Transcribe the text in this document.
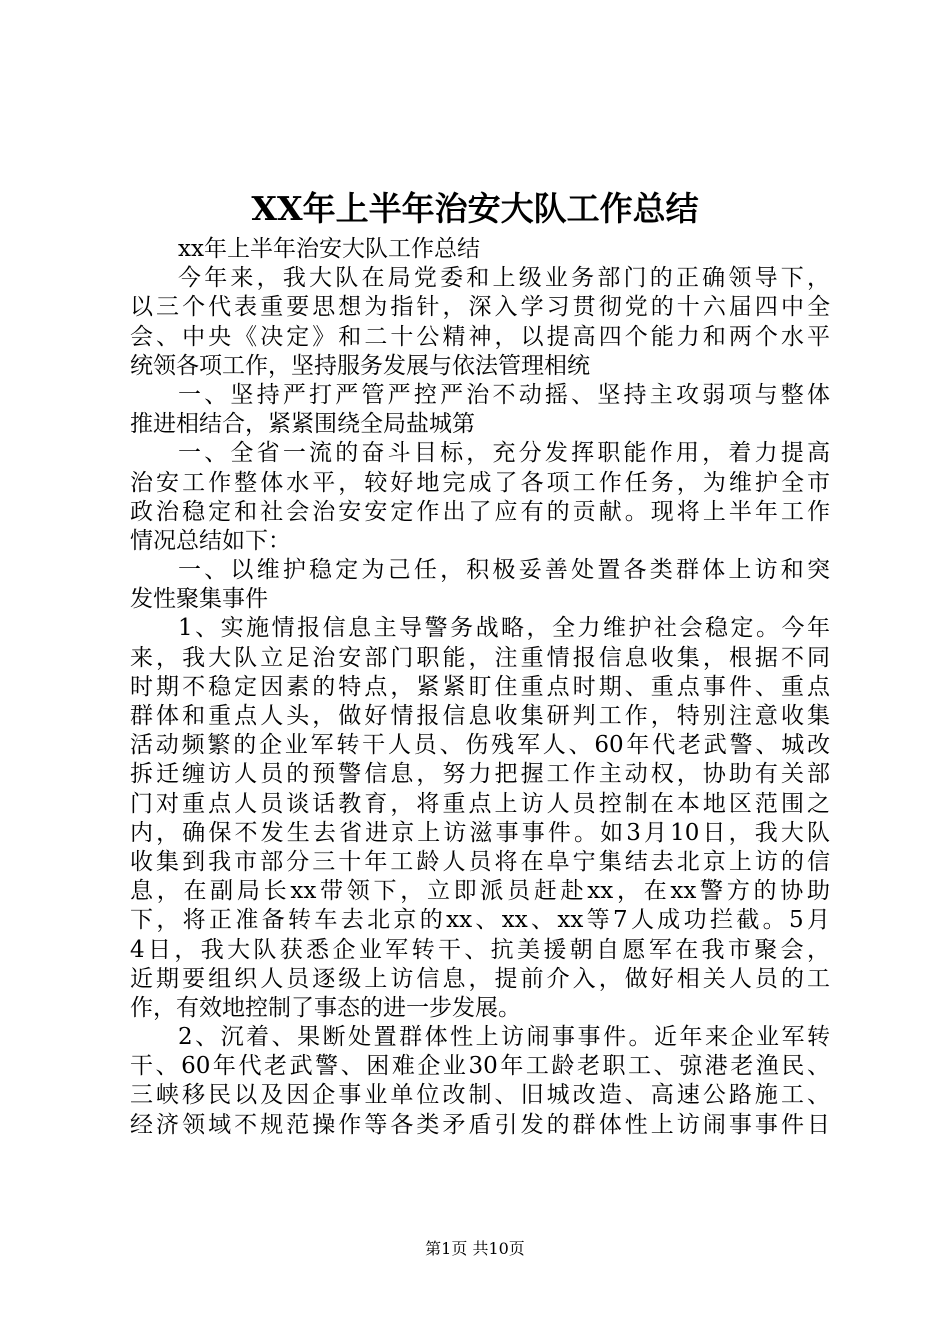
XX年上半年治安大队工作总结
xx年上半年治安大队工作总结
今年来，我大队在局党委和上级业务部门的正确领导下，
以三个代表重要思想为指针，深入学习贯彻党的十六届四中全
会、中央《决定》和二十公精神，以提高四个能力和两个水平
统领各项工作，坚持服务发展与依法管理相统
一、坚持严打严管严控严治不动摇、坚持主攻弱项与整体
推进相结合，紧紧围绕全局盐城第
一、全省一流的奋斗目标，充分发挥职能作用，着力提高
治安工作整体水平，较好地完成了各项工作任务，为维护全市
政治稳定和社会治安安定作出了应有的贡献。现将上半年工作
情况总结如下：
一、以维护稳定为己任，积极妥善处置各类群体上访和突
发性聚集事件
1、实施情报信息主导警务战略，全力维护社会稳定。今年
来，我大队立足治安部门职能，注重情报信息收集，根据不同
时期不稳定因素的特点，紧紧盯住重点时期、重点事件、重点
群体和重点人头，做好情报信息收集研判工作，特别注意收集
活动频繁的企业军转干人员、伤残军人、60年代老武警、城改
拆迁缠访人员的预警信息，努力把握工作主动权，协助有关部
门对重点人员谈话教育，将重点上访人员控制在本地区范围之
内，确保不发生去省进京上访滋事事件。如3月10日，我大队
收集到我市部分三十年工龄人员将在阜宁集结去北京上访的信
息，在副局长xx带领下，立即派员赶赴xx，在xx警方的协助
下，将正准备转车去北京的xx、xx、xx等7人成功拦截。5月
4日，我大队获悉企业军转干、抗美援朝自愿军在我市聚会，
近期要组织人员逐级上访信息，提前介入，做好相关人员的工
作，有效地控制了事态的进一步发展。
2、沉着、果断处置群体性上访闹事事件。近年来企业军转
干、60年代老武警、困难企业30年工龄老职工、弶港老渔民、
三峡移民以及因企事业单位改制、旧城改造、高速公路施工、
经济领域不规范操作等各类矛盾引发的群体性上访闹事事件日
第1页 共10页
